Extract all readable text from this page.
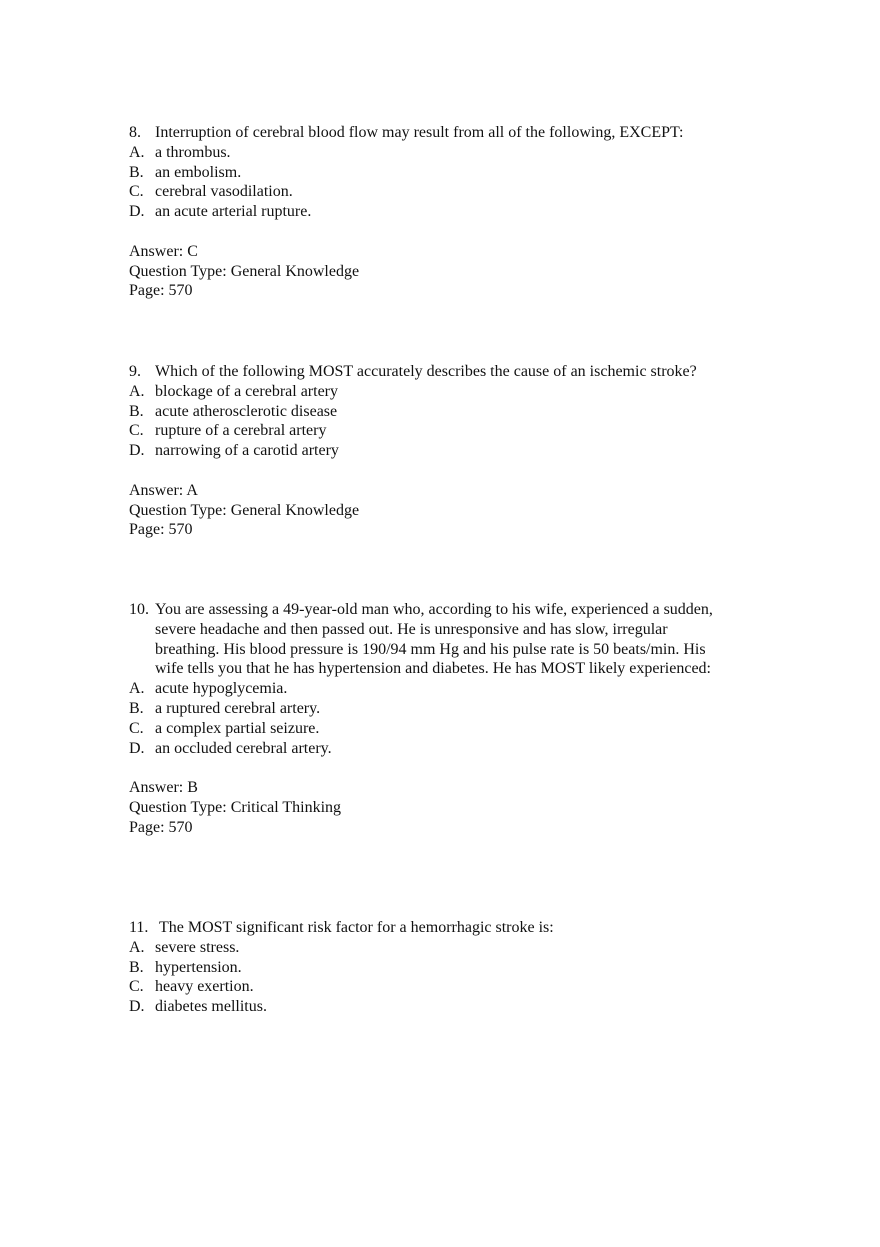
8. Interruption of cerebral blood flow may result from all of the following, EXCEPT:
A. a thrombus.
B. an embolism.
C. cerebral vasodilation.
D. an acute arterial rupture.
Answer: C
Question Type: General Knowledge
Page: 570
9. Which of the following MOST accurately describes the cause of an ischemic stroke?
A. blockage of a cerebral artery
B. acute atherosclerotic disease
C. rupture of a cerebral artery
D. narrowing of a carotid artery
Answer: A
Question Type: General Knowledge
Page: 570
10. You are assessing a 49-year-old man who, according to his wife, experienced a sudden, severe headache and then passed out. He is unresponsive and has slow, irregular breathing. His blood pressure is 190/94 mm Hg and his pulse rate is 50 beats/min. His wife tells you that he has hypertension and diabetes. He has MOST likely experienced:
A. acute hypoglycemia.
B. a ruptured cerebral artery.
C. a complex partial seizure.
D. an occluded cerebral artery.
Answer: B
Question Type: Critical Thinking
Page: 570
11. The MOST significant risk factor for a hemorrhagic stroke is:
A. severe stress.
B. hypertension.
C. heavy exertion.
D. diabetes mellitus.
